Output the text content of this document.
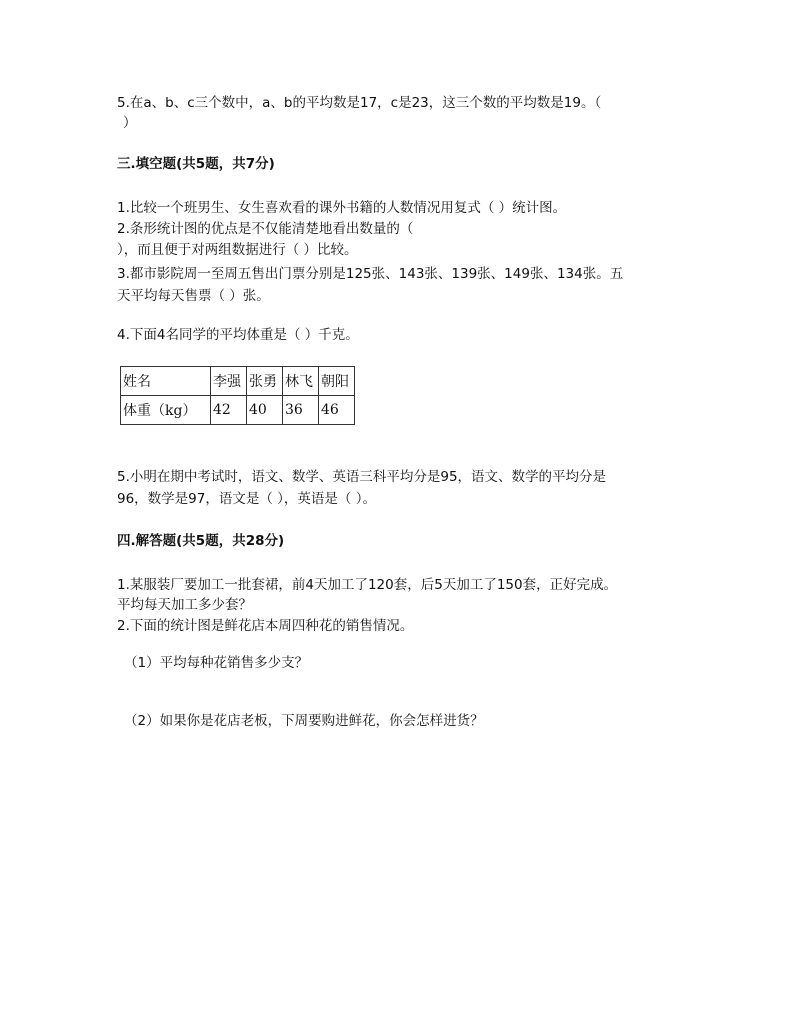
5.在a、b、c三个数中，a、b的平均数是17，c是23，这三个数的平均数是19。（
）
三.填空题(共5题，共7分)
1.比较一个班男生、女生喜欢看的课外书籍的人数情况用复式（ ）统计图。
2.条形统计图的优点是不仅能清楚地看出数量的（
），而且便于对两组数据进行（ ）比较。
3.都市影院周一至周五售出门票分别是125张、143张、139张、149张、134张。五
天平均每天售票（ ）张。
4.下面4名同学的平均体重是（ ）千克。
姓名	李强	张勇	林飞	朝阳
体重（kg）	42	40	36	46
5.小明在期中考试时，语文、数学、英语三科平均分是95，语文、数学的平均分是
96，数学是97，语文是（ ），英语是（ ）。
四.解答题(共5题，共28分)
1.某服装厂要加工一批套裙，前4天加工了120套，后5天加工了150套，正好完成。
平均每天加工多少套？
2.下面的统计图是鲜花店本周四种花的销售情况。
（1）平均每种花销售多少支？
（2）如果你是花店老板，下周要购进鲜花，你会怎样进货？
